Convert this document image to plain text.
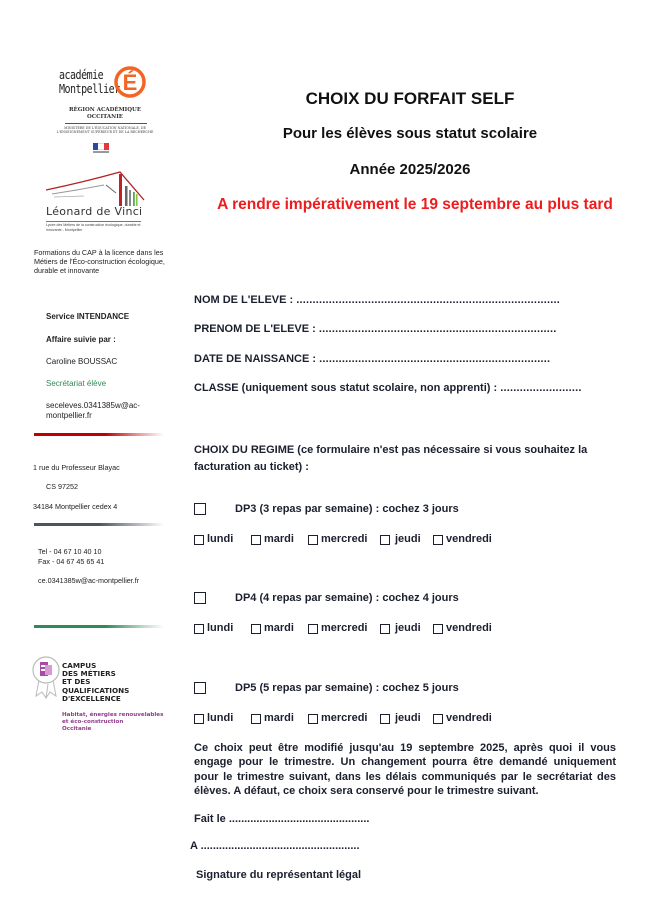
académie
Montpellier É
RÉGION ACADÉMIQUE OCCITANIE
MINISTÈRE DE L'ÉDUCATION NATIONALE, DE L'ENSEIGNEMENT SUPÉRIEUR ET DE LA RECHERCHE
Léonard de Vinci
Lycée des Métiers de la construction écologique, durable et innovante - Montpellier
Formations du CAP à la licence dans les Métiers de l'Éco-construction écologique, durable et innovante
Service INTENDANCE
Affaire suivie par :
Caroline BOUSSAC
Secrétariat élève
seceleves.0341385w@ac-montpellier.fr
1 rue du Professeur Blayac
CS 97252
34184 Montpellier cedex 4
Tel - 04 67 10 40 10
Fax - 04 67 45 65 41
ce.0341385w@ac-montpellier.fr
CAMPUS
DES MÉTIERS
ET DES
QUALIFICATIONS
D'EXCELLENCE
Habitat, énergies renouvelables
et éco-construction
Occitanie
CHOIX DU FORFAIT SELF
Pour les élèves sous statut scolaire
Année 2025/2026
A rendre impérativement le 19 septembre au plus tard
NOM DE L'ELEVE : .................................................................................
PRENOM DE L'ELEVE : .........................................................................
DATE DE NAISSANCE : .......................................................................
CLASSE (uniquement sous statut scolaire, non apprenti) : .........................
CHOIX DU REGIME (ce formulaire n'est pas nécessaire si vous souhaitez la facturation au ticket) :
DP3 (3 repas par semaine) : cochez 3 jours
lundi	mardi mercredi	jeudi vendredi
DP4 (4 repas par semaine) : cochez 4 jours
lundi	mardi mercredi	jeudi vendredi
DP5 (5 repas par semaine) : cochez 5 jours
lundi	mardi mercredi	jeudi vendredi
Ce choix peut être modifié jusqu'au 19 septembre 2025, après quoi il vous engage pour le trimestre. Un changement pourra être demandé uniquement pour le trimestre suivant, dans les délais communiqués par le secrétariat des élèves. A défaut, ce choix sera conservé pour le trimestre suivant.
Fait le ..............................................
A ....................................................
Signature du représentant légal
